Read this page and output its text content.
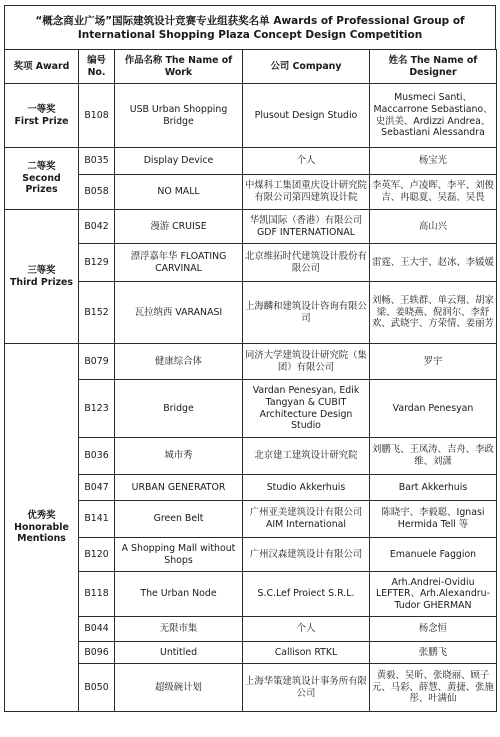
“概念商业广场”国际建筑设计竞赛专业组获奖名单 Awards of Professional Group of
International Shopping Plaza Concept Design Competition
奖项 Award	编号 No.	作品名称 The Name of Work	公司 Company	姓名 The Name of Designer

一等奖
First Prize	B108	USB Urban Shopping Bridge	Plusout Design Studio	Musmeci Santi、Maccarrone Sebastiano、史洪美、Ardizzi Andrea、Sebastiani Alessandra

二等奖
Second Prizes	B035	Display Device	个人	杨宝光
	B058	NO MALL	中煤科工集团重庆设计研究院有限公司第四建筑设计院	李英军、卢凌晖、李平、刘俊吉、冉聪夏、吴磊、吴畏

三等奖
Third Prizes	B042	漫游 CRUISE	华凯国际（香港）有限公司 GDF INTERNATIONAL	高山兴
	B129	漂浮嘉年华 FLOATING CARVINAL	北京维拓时代建筑设计股份有限公司	雷霆、王大宇、赵冰、李媛媛
	B152	瓦拉纳西 VARANASI	上海麟和建筑设计咨询有限公司	刘畅、王轶群、单云翔、胡家梁、姜晓燕、倪润尔、李舒欢、武晓宇、方荣情、姜丽芳

优秀奖
Honorable Mentions	B079	健康综合体	同济大学建筑设计研究院（集团）有限公司	罗宇
	B123	Bridge	Vardan Penesyan, Edik Tangyan & CUBIT Architecture Design Studio	Vardan Penesyan
	B036	城市秀	北京建工建筑设计研究院	刘鹏飞、王凤涛、吉舟、李政维、刘潇
	B047	URBAN GENERATOR	Studio Akkerhuis	Bart Akkerhuis
	B141	Green Belt	广州亚美建筑设计有限公司 AIM International	陈晓宇、李毅聪、Ignasi Hermida Tell 等
	B120	A Shopping Mall without Shops	广州汉森建筑设计有限公司	Emanuele Faggion
	B118	The Urban Node	S.C.Lef Proiect S.R.L.	Arh.Andrei-Ovidiu LEFTER、Arh.Alexandru-Tudor GHERMAN
	B044	无限市集	个人	杨念恒
	B096	Untitled	Callison RTKL	张鹏飞
	B050	超级碗计划	上海华策建筑设计事务所有限公司	黄毅、吴昕、张晓丽、顾子元、马彩、薛慧、黄捷、张施彤、叶满仙
